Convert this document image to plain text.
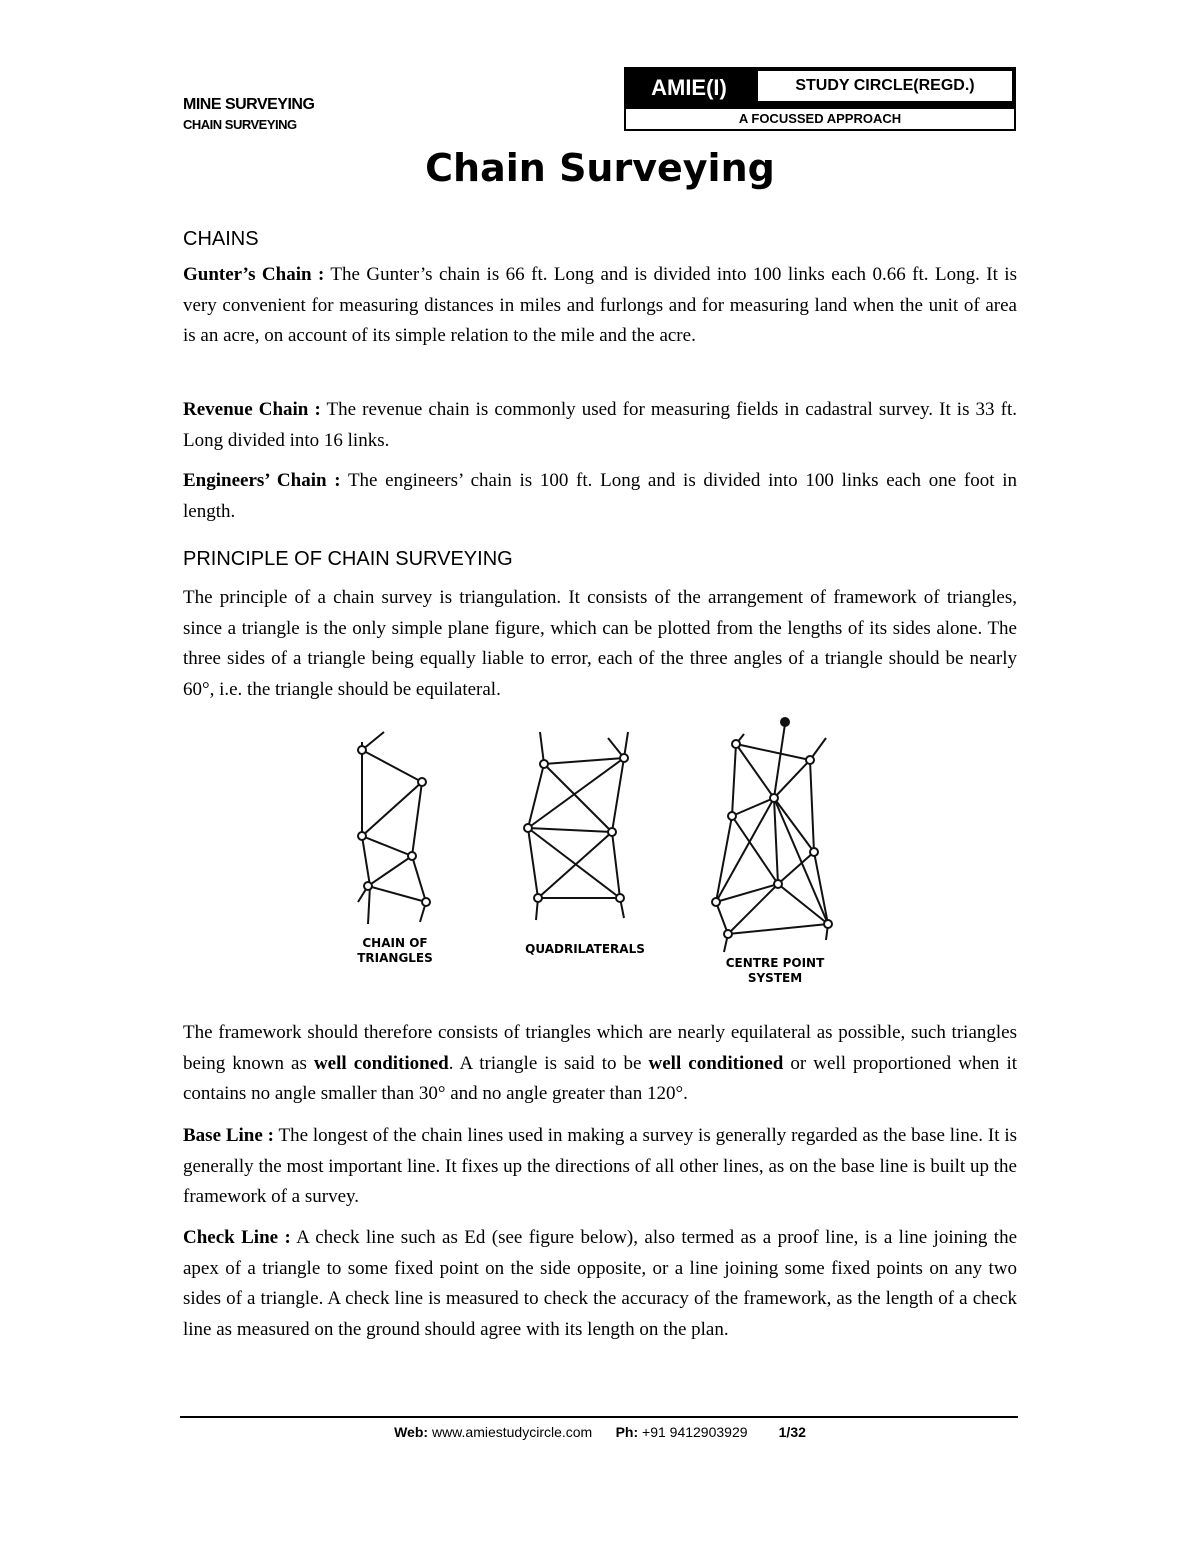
MINE SURVEYING
CHAIN SURVEYING
AMIE(I)	STUDY CIRCLE(REGD.)
A FOCUSSED APPROACH
Chain Surveying
CHAINS

Gunter’s Chain : The Gunter’s chain is 66 ft. Long and is divided into 100 links each 0.66 ft. Long. It is very convenient for measuring distances in miles and furlongs and for measuring land when the unit of area is an acre, on account of its simple relation to the mile and the acre.

Revenue Chain : The revenue chain is commonly used for measuring fields in cadastral survey. It is 33 ft. Long divided into 16 links.

Engineers’ Chain : The engineers’ chain is 100 ft. Long and is divided into 100 links each one foot in length.

PRINCIPLE OF CHAIN SURVEYING

The principle of a chain survey is triangulation. It consists of the arrangement of framework of triangles, since a triangle is the only simple plane figure, which can be plotted from the lengths of its sides alone. The three sides of a triangle being equally liable to error, each of the three angles of a triangle should be nearly 60°, i.e. the triangle should be equilateral.

CHAIN OF
TRIANGLES
QUADRILATERALS
CENTRE POINT
SYSTEM

The framework should therefore consists of triangles which are nearly equilateral as possible, such triangles being known as well conditioned. A triangle is said to be well conditioned or well proportioned when it contains no angle smaller than 30° and no angle greater than 120°.

Base Line : The longest of the chain lines used in making a survey is generally regarded as the base line. It is generally the most important line. It fixes up the directions of all other lines, as on the base line is built up the framework of a survey.

Check Line : A check line such as Ed (see figure below), also termed as a proof line, is a line joining the apex of a triangle to some fixed point on the side opposite, or a line joining some fixed points on any two sides of a triangle. A check line is measured to check the accuracy of the framework, as the length of a check line as measured on the ground should agree with its length on the plan.

Web: www.amiestudycircle.com Ph: +91 9412903929 1/32
